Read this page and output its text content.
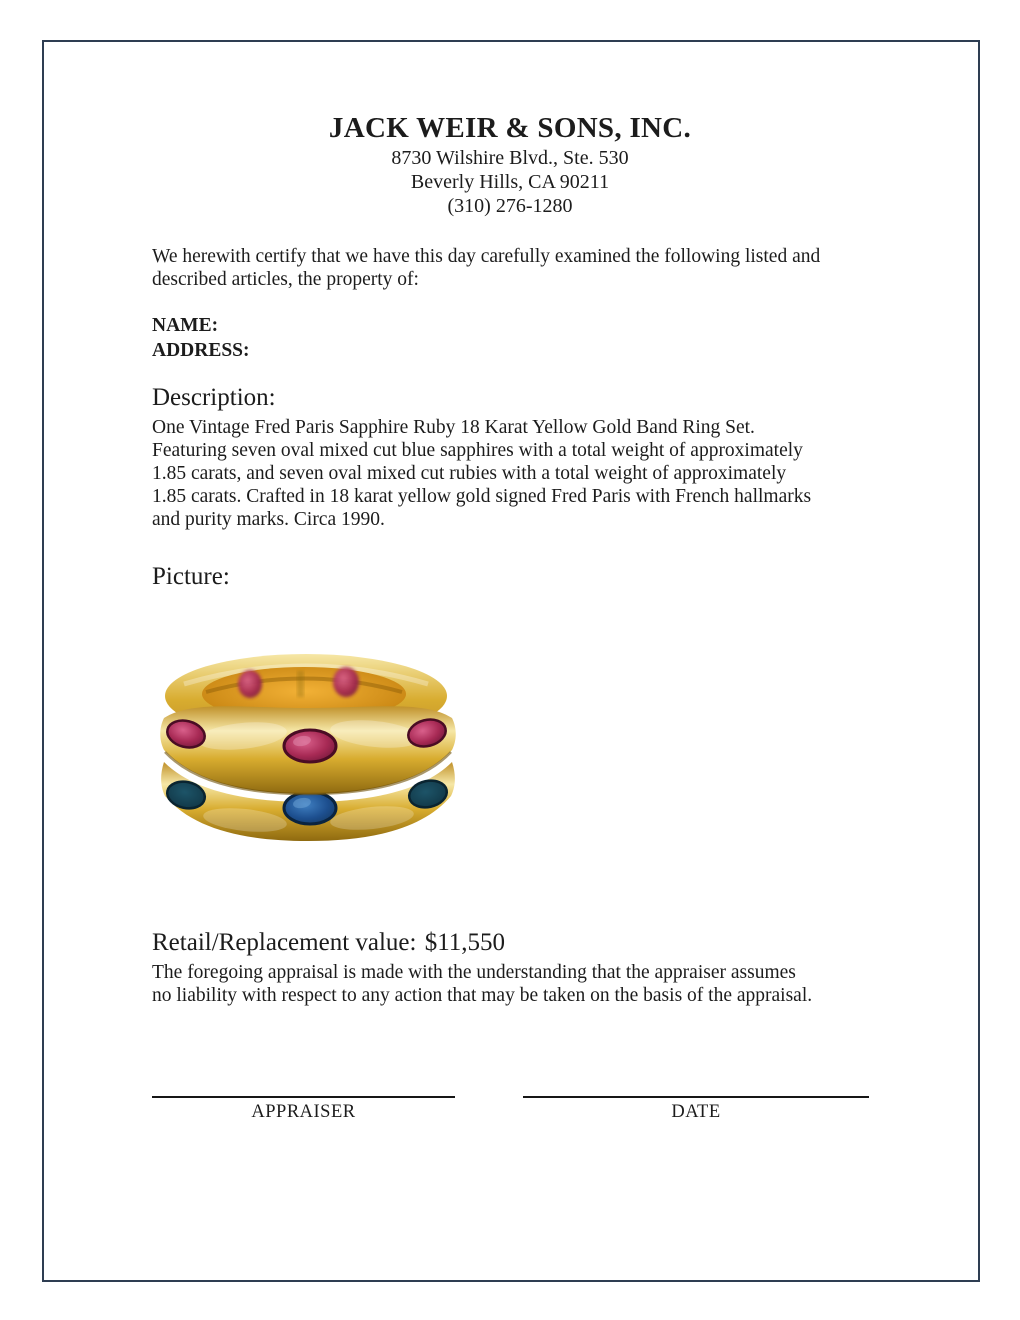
JACK WEIR & SONS, INC.
8730 Wilshire Blvd., Ste. 530
Beverly Hills, CA 90211
(310) 276-1280
We herewith certify that we have this day carefully examined the following listed and
described articles, the property of:
NAME:
ADDRESS:
Description:
One Vintage Fred Paris Sapphire Ruby 18 Karat Yellow Gold Band Ring Set.
Featuring seven oval mixed cut blue sapphires with a total weight of approximately
1.85 carats, and seven oval mixed cut rubies with a total weight of approximately
1.85 carats. Crafted in 18 karat yellow gold signed Fred Paris with French hallmarks
and purity marks. Circa 1990.
Picture:
Retail/Replacement value: $11,550
The foregoing appraisal is made with the understanding that the appraiser assumes
no liability with respect to any action that may be taken on the basis of the appraisal.
APPRAISER	DATE
